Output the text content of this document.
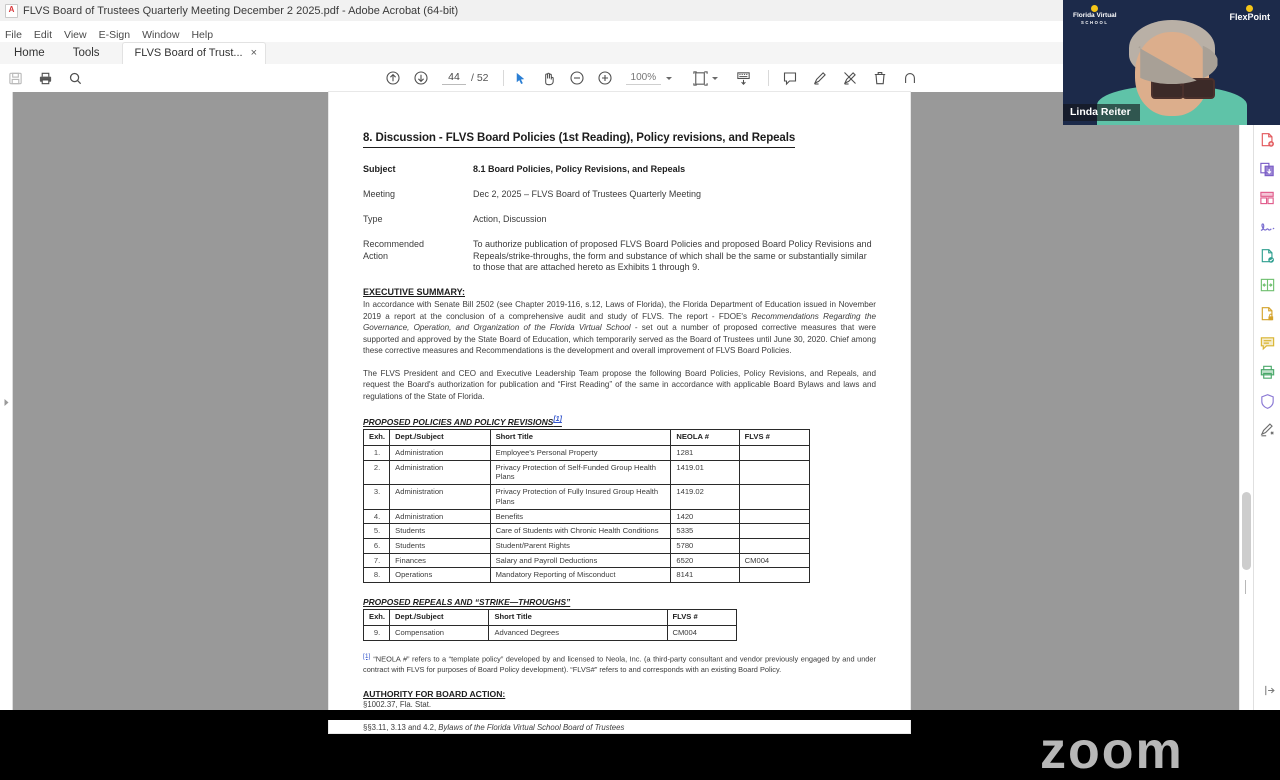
A
FLVS Board of Trustees Quarterly Meeting December 2 2025.pdf - Adobe Acrobat (64-bit)
File Edit View E-Sign Window Help
Home	Tools	FLVS Board of Trust... ×
44	/ 52	100%
8. Discussion - FLVS Board Policies (1st Reading), Policy revisions, and Repeals
Subject	8.1 Board Policies, Policy Revisions, and Repeals
Meeting	Dec 2, 2025 – FLVS Board of Trustees Quarterly Meeting
Type	Action, Discussion
Recommended
Action
To authorize publication of proposed FLVS Board Policies and proposed Board Policy Revisions and Repeals/strike-throughs, the form and substance of which shall be the same or substantially similar to those that are attached hereto as Exhibits 1 through 9.
EXECUTIVE SUMMARY:
In accordance with Senate Bill 2502 (see Chapter 2019-116, s.12, Laws of Florida), the Florida Department of Education issued in November 2019 a report at the conclusion of a comprehensive audit and study of FLVS. The report - FDOE's Recommendations Regarding the Governance, Operation, and Organization of the Florida Virtual School - set out a number of proposed corrective measures that were supported and approved by the State Board of Education, which temporarily served as the Board of Trustees until June 30, 2020. Chief among these corrective measures and Recommendations is the development and overall improvement of FLVS Board Policies.
The FLVS President and CEO and Executive Leadership Team propose the following Board Policies, Policy Revisions, and Repeals, and request the Board's authorization for publication and “First Reading” of the same in accordance with applicable Board Bylaws and laws and regulations of the State of Florida.
PROPOSED POLICIES AND POLICY REVISIONS[1]
Exh.	Dept./Subject	Short Title	NEOLA #	FLVS #
1.	Administration	Employee's Personal Property	1281	
2.	Administration	Privacy Protection of Self-Funded Group Health Plans	1419.01	
3.	Administration	Privacy Protection of Fully Insured Group Health Plans	1419.02	
4.	Administration	Benefits	1420	
5.	Students	Care of Students with Chronic Health Conditions	5335	
6.	Students	Student/Parent Rights	5780	
7.	Finances	Salary and Payroll Deductions	6520	CM004
8.	Operations	Mandatory Reporting of Misconduct	8141	
PROPOSED REPEALS AND “STRIKE—THROUGHS”
Exh.	Dept./Subject	Short Title	FLVS #
9.	Compensation	Advanced Degrees	CM004
[1] “NEOLA #” refers to a “template policy” developed by and licensed to Neola, Inc. (a third-party consultant and vendor previously engaged by and under contract with FLVS for purposes of Board Policy development). “FLVS#” refers to and corresponds with an existing Board Policy.
AUTHORITY FOR BOARD ACTION:
§1002.37, Fla. Stat.
§§3.11, 3.13 and 4.2, Bylaws of the Florida Virtual School Board of Trustees	zoom
Florida Virtual
SCHOOL
FlexPoint
Linda Reiter
